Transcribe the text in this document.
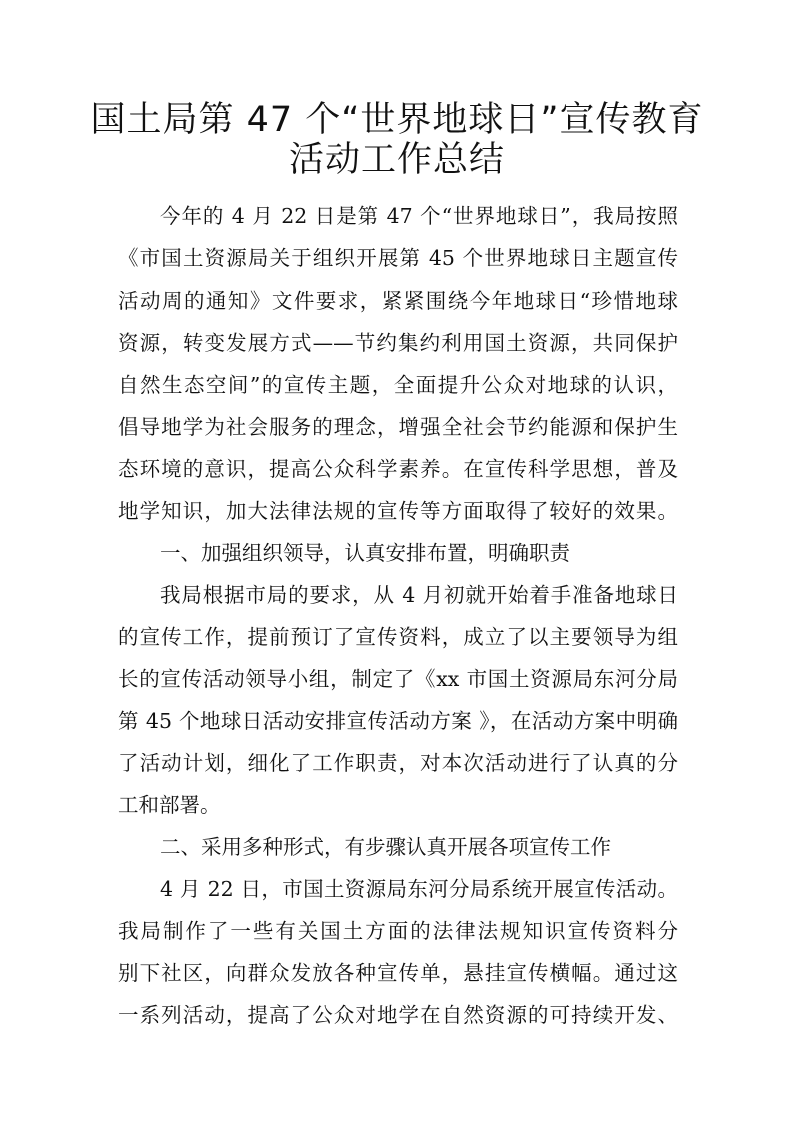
国土局第 47 个“世界地球日”宣传教育
活动工作总结

今年的 4 月 22 日是第 47 个“世界地球日”，我局按照

《市国土资源局关于组织开展第 45 个世界地球日主题宣传

活动周的通知》文件要求，紧紧围绕今年地球日“珍惜地球

资源，转变发展方式——节约集约利用国土资源，共同保护

自然生态空间”的宣传主题，全面提升公众对地球的认识，

倡导地学为社会服务的理念，增强全社会节约能源和保护生

态环境的意识，提高公众科学素养。在宣传科学思想，普及

地学知识，加大法律法规的宣传等方面取得了较好的效果。

一、加强组织领导，认真安排布置，明确职责

我局根据市局的要求，从 4 月初就开始着手准备地球日

的宣传工作，提前预订了宣传资料，成立了以主要领导为组

长的宣传活动领导小组，制定了《xx 市国土资源局东河分局

第 45 个地球日活动安排宣传活动方案 》，在活动方案中明确

了活动计划，细化了工作职责，对本次活动进行了认真的分

工和部署。

二、采用多种形式，有步骤认真开展各项宣传工作

4 月 22 日，市国土资源局东河分局系统开展宣传活动。

我局制作了一些有关国土方面的法律法规知识宣传资料分

别下社区，向群众发放各种宣传单，悬挂宣传横幅。通过这

一系列活动，提高了公众对地学在自然资源的可持续开发、
